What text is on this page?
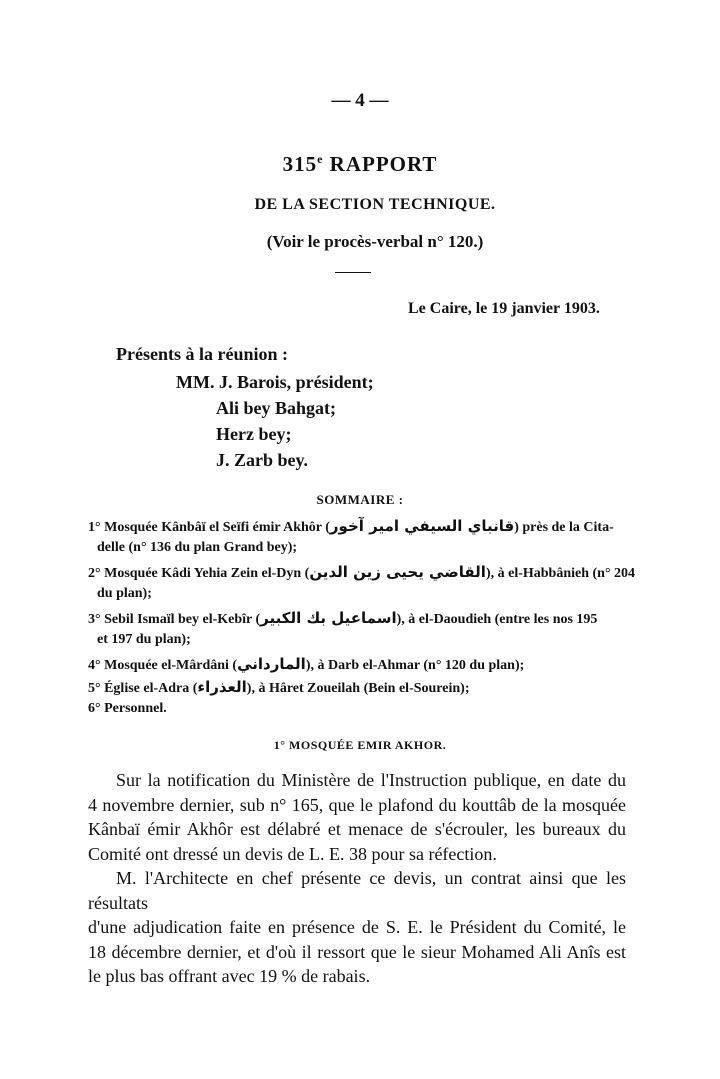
— 4 —
315e RAPPORT
DE LA SECTION TECHNIQUE.
(Voir le procès-verbal n° 120.)
Le Caire, le 19 janvier 1903.
Présents à la réunion :
MM. J. Barois, président;
Ali bey Bahgat;
Herz bey;
J. Zarb bey.
SOMMAIRE :
1° Mosquée Kânbâï el Seïfi émir Akhôr (قانباي السيفي امير آخور) près de la Cita-
delle (n° 136 du plan Grand bey);
2° Mosquée Kâdi Yehia Zein el-Dyn (القاضي يحيى زين الدين), à el-Habbânieh (n° 204
du plan);
3° Sebil Ismaïl bey el-Kebîr (اسماعيل بك الكبير), à el-Daoudieh (entre les nos 195
et 197 du plan);
4° Mosquée el-Mârdâni (المارداني), à Darb el-Ahmar (n° 120 du plan);
5° Église el-Adra (العذراء), à Hâret Zoueilah (Bein el-Sourein);
6° Personnel.
1° MOSQUÉE EMIR AKHOR.
Sur la notification du Ministère de l'Instruction publique, en date du
4 novembre dernier, sub n° 165, que le plafond du kouttâb de la mosquée
Kânbaï émir Akhôr est délabré et menace de s'écrouler, les bureaux du
Comité ont dressé un devis de L. E. 38 pour sa réfection.
M. l'Architecte en chef présente ce devis, un contrat ainsi que les résultats
d'une adjudication faite en présence de S. E. le Président du Comité, le
18 décembre dernier, et d'où il ressort que le sieur Mohamed Ali Anîs est
le plus bas offrant avec 19 % de rabais.
